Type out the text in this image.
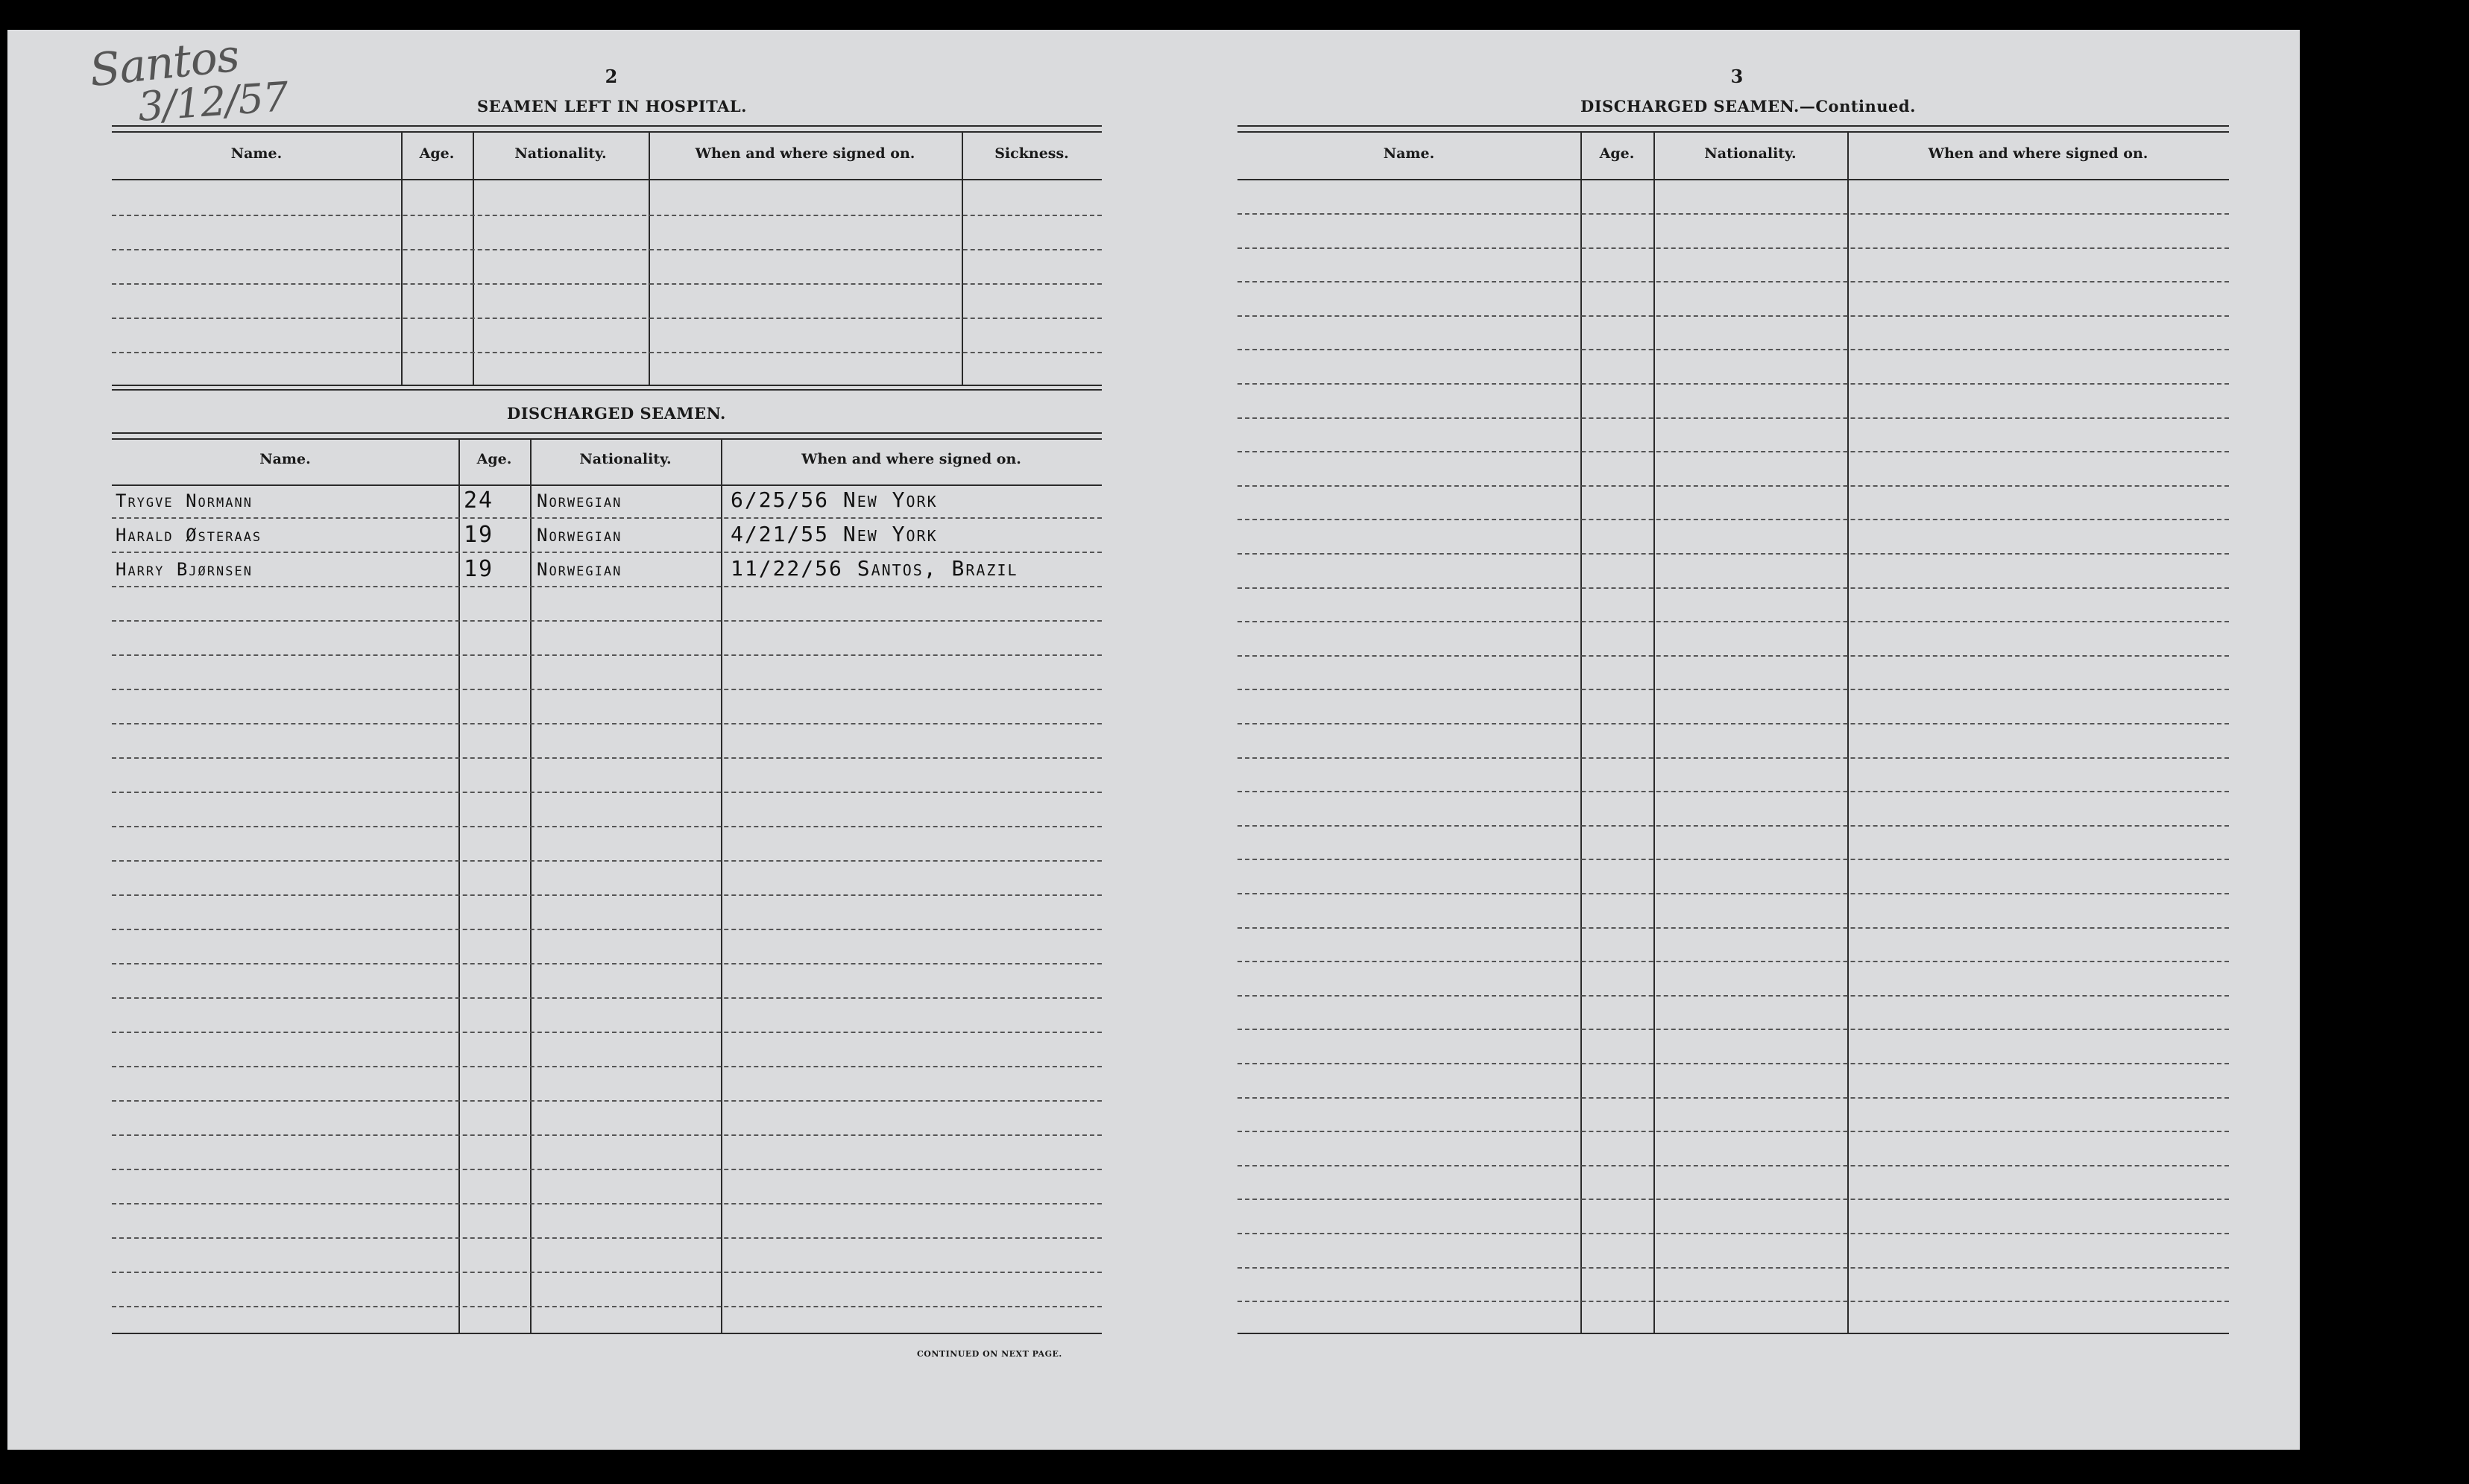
Santos
3/12/57	2
SEAMEN LEFT IN HOSPITAL.
Name.	Age.	Nationality.	When and where signed on.	Sickness.
DISCHARGED SEAMEN.
Name.	Age.	Nationality.	When and where signed on.
Trygve Normann	24 Norwegian	6/25/56 New York
Harald Østeraas	19 Norwegian	4/21/55 New York
Harry Bjørnsen	19 Norwegian	11/22/56 Santos, Brazil
CONTINUED ON NEXT PAGE.
3
DISCHARGED SEAMEN.—Continued.
Name.	Age.	Nationality.	When and where signed on.
